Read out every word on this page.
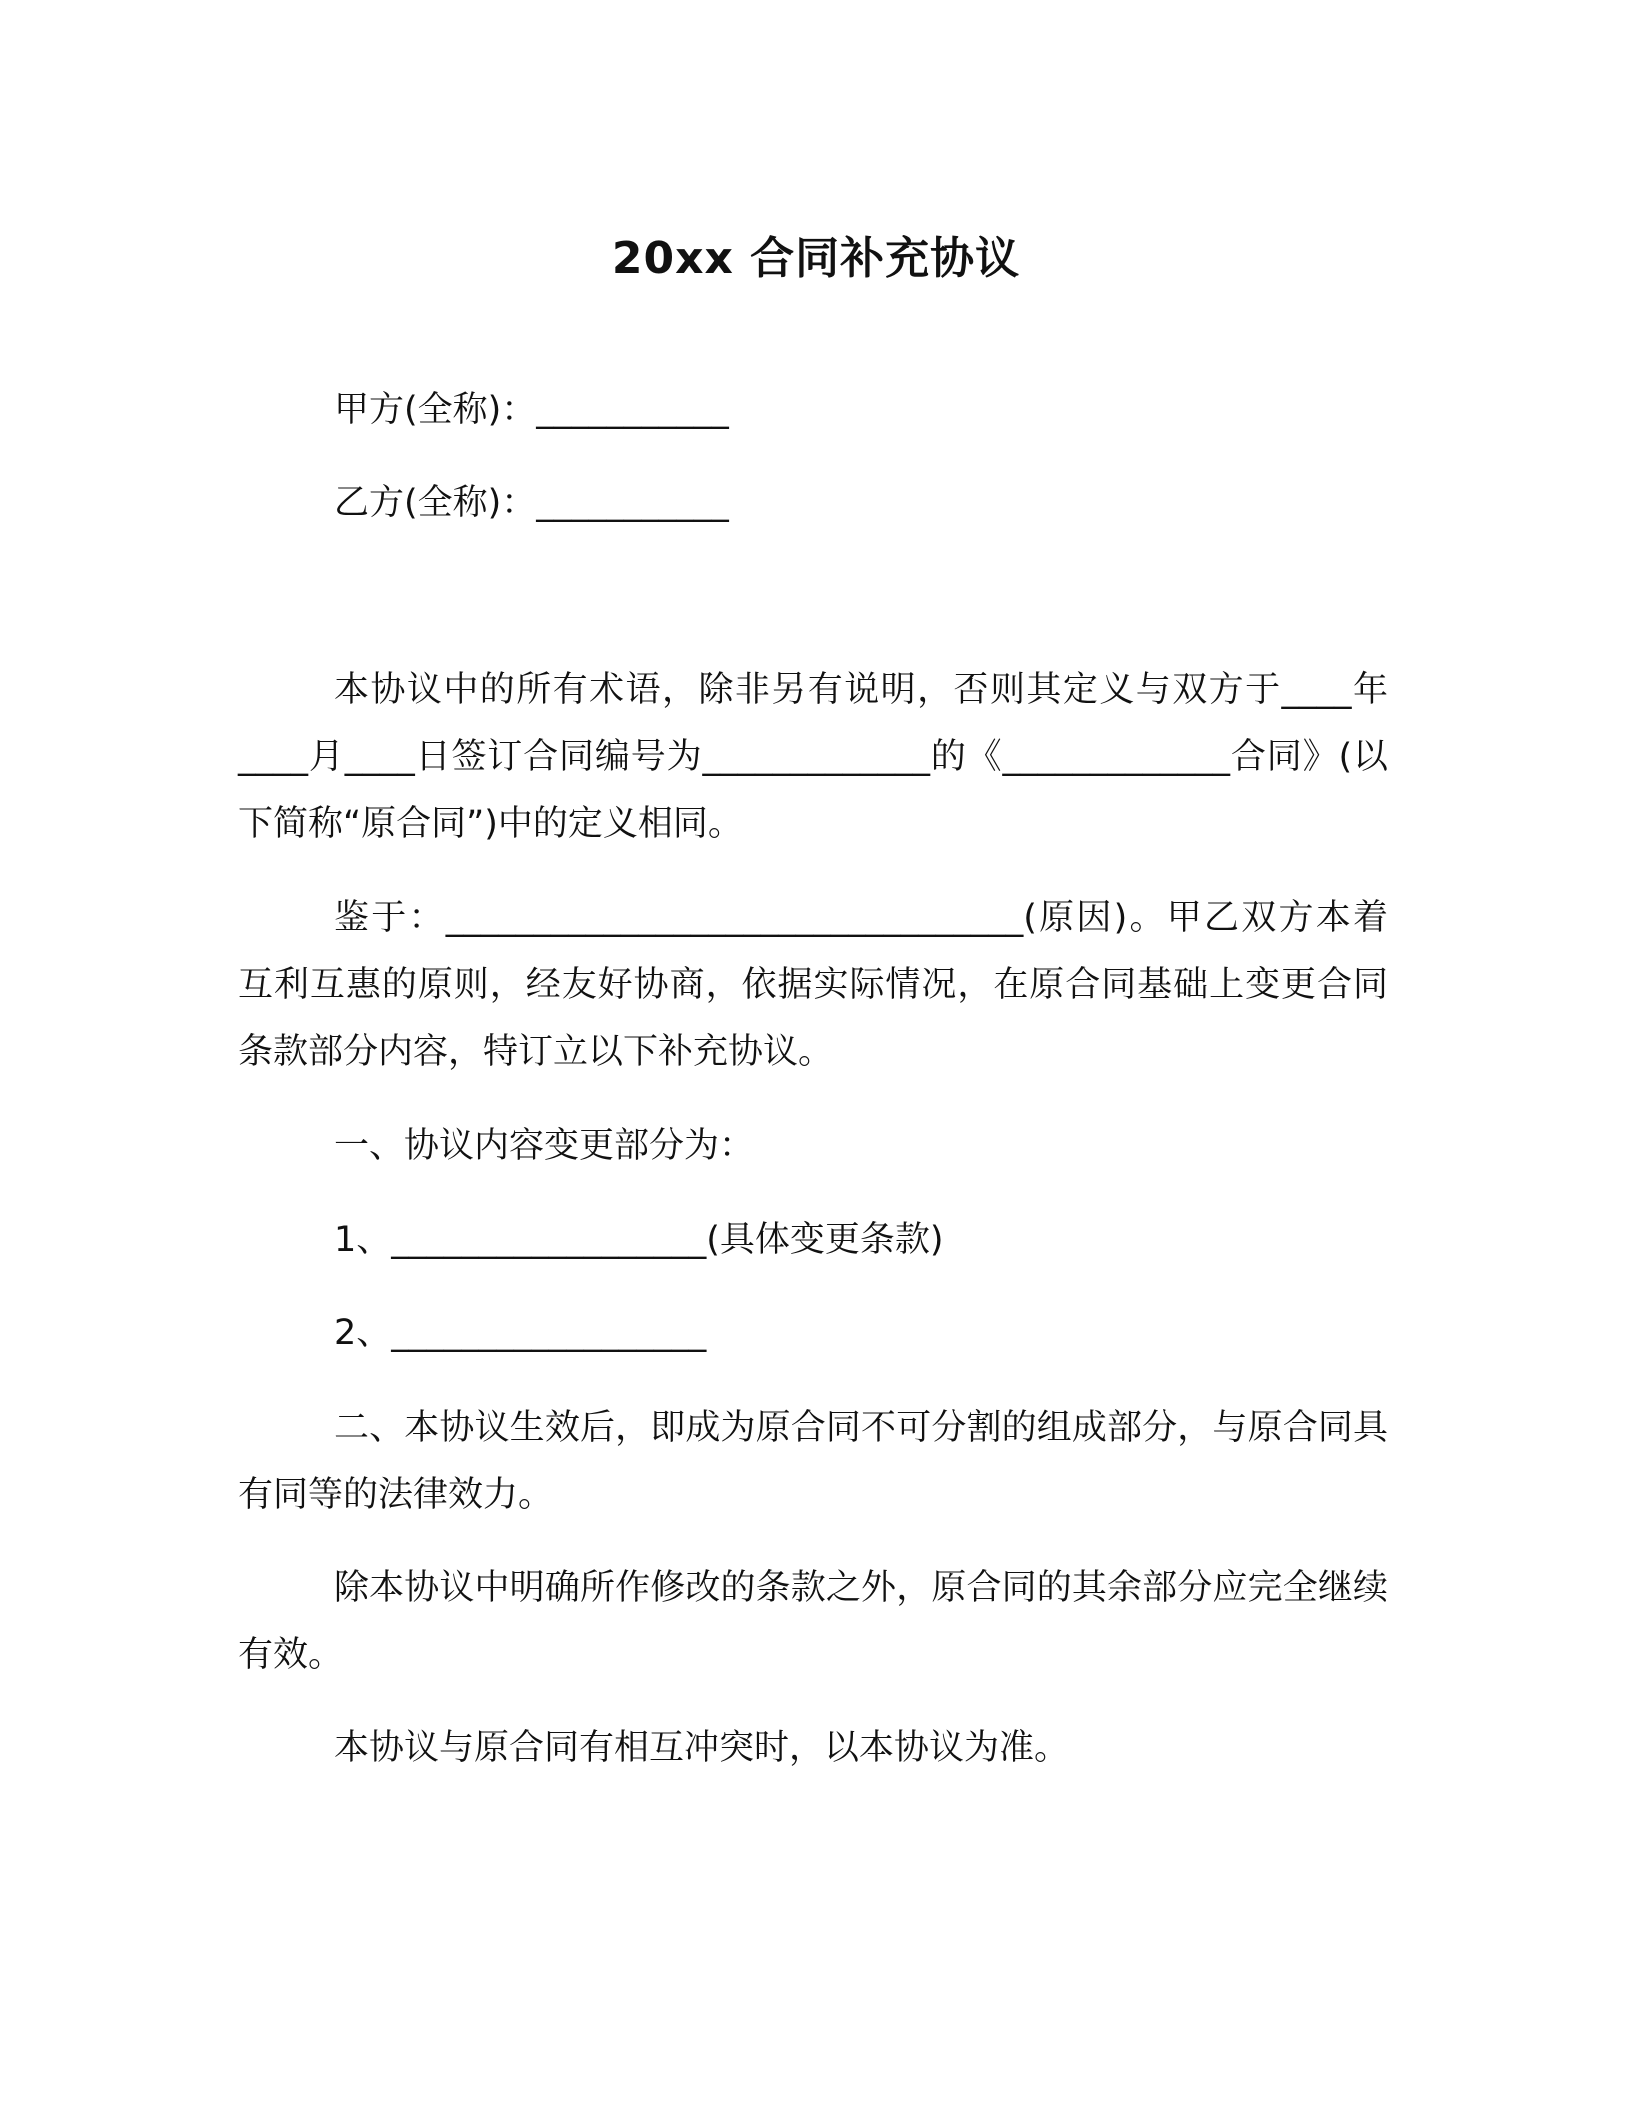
20xx 合同补充协议
甲方(全称)：___________
乙方(全称)：___________

本协议中的所有术语，除非另有说明，否则其定义与双方于____年____月____日签订合同编号为_____________的《_____________合同》(以下简称“原合同”)中的定义相同。

鉴于：_________________________________(原因)。甲乙双方本着互利互惠的原则，经友好协商，依据实际情况，在原合同基础上变更合同条款部分内容，特订立以下补充协议。

一、协议内容变更部分为：

1、__________________(具体变更条款)

2、__________________

二、本协议生效后，即成为原合同不可分割的组成部分，与原合同具有同等的法律效力。

除本协议中明确所作修改的条款之外，原合同的其余部分应完全继续有效。

本协议与原合同有相互冲突时，以本协议为准。
